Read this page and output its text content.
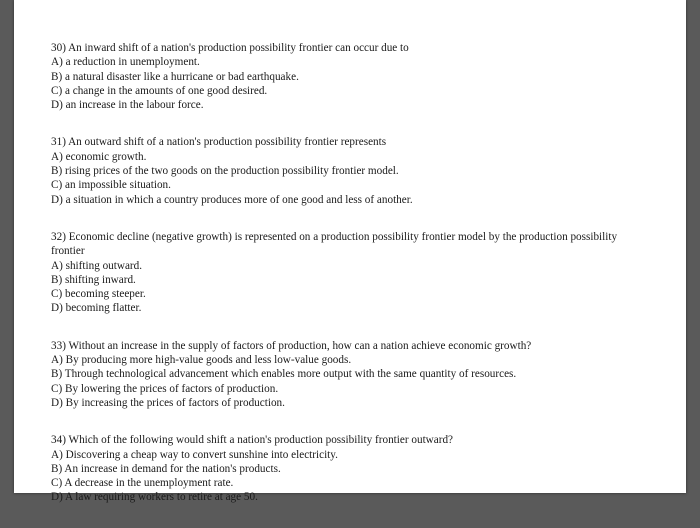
30) An inward shift of a nation's production possibility frontier can occur due to
A) a reduction in unemployment.
B) a natural disaster like a hurricane or bad earthquake.
C) a change in the amounts of one good desired.
D) an increase in the labour force.
31) An outward shift of a nation's production possibility frontier represents
A) economic growth.
B) rising prices of the two goods on the production possibility frontier model.
C) an impossible situation.
D) a situation in which a country produces more of one good and less of another.
32) Economic decline (negative growth) is represented on a production possibility frontier model by the production possibility frontier
A) shifting outward.
B) shifting inward.
C) becoming steeper.
D) becoming flatter.
33) Without an increase in the supply of factors of production, how can a nation achieve economic growth?
A) By producing more high-value goods and less low-value goods.
B) Through technological advancement which enables more output with the same quantity of resources.
C) By lowering the prices of factors of production.
D) By increasing the prices of factors of production.
34) Which of the following would shift a nation's production possibility frontier outward?
A) Discovering a cheap way to convert sunshine into electricity.
B) An increase in demand for the nation's products.
C) A decrease in the unemployment rate.
D) A law requiring workers to retire at age 50.
